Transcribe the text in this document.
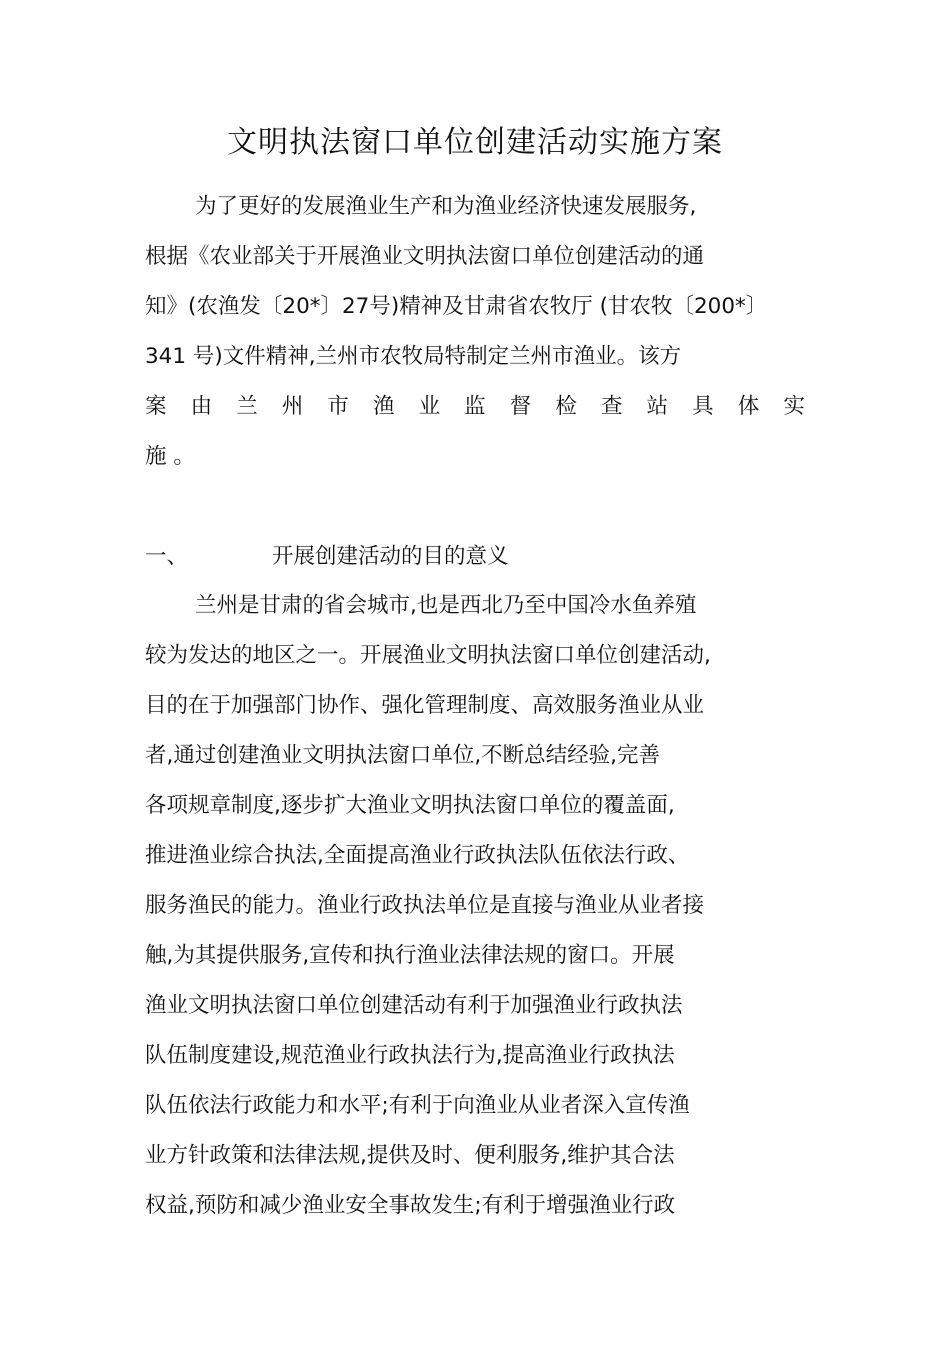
文明执法窗口单位创建活动实施方案
为了更好的发展渔业生产和为渔业经济快速发展服务,
根据《农业部关于开展渔业文明执法窗口单位创建活动的通
知》(农渔发〔20*〕27号)精神及甘肃省农牧厅 (甘农牧〔200*〕
341 号)文件精神,兰州市农牧局特制定兰州市渔业。该方
案 由 兰 州 市 渔 业 监 督 检 查 站 具 体 实
施 。
一、	开展创建活动的目的意义
兰州是甘肃的省会城市,也是西北乃至中国冷水鱼养殖
较为发达的地区之一。开展渔业文明执法窗口单位创建活动,
目的在于加强部门协作、强化管理制度、高效服务渔业从业
者,通过创建渔业文明执法窗口单位,不断总结经验,完善
各项规章制度,逐步扩大渔业文明执法窗口单位的覆盖面,
推进渔业综合执法,全面提高渔业行政执法队伍依法行政、
服务渔民的能力。渔业行政执法单位是直接与渔业从业者接
触,为其提供服务,宣传和执行渔业法律法规的窗口。开展
渔业文明执法窗口单位创建活动有利于加强渔业行政执法
队伍制度建设,规范渔业行政执法行为,提高渔业行政执法
队伍依法行政能力和水平;有利于向渔业从业者深入宣传渔
业方针政策和法律法规,提供及时、便利服务,维护其合法
权益,预防和减少渔业安全事故发生;有利于增强渔业行政
